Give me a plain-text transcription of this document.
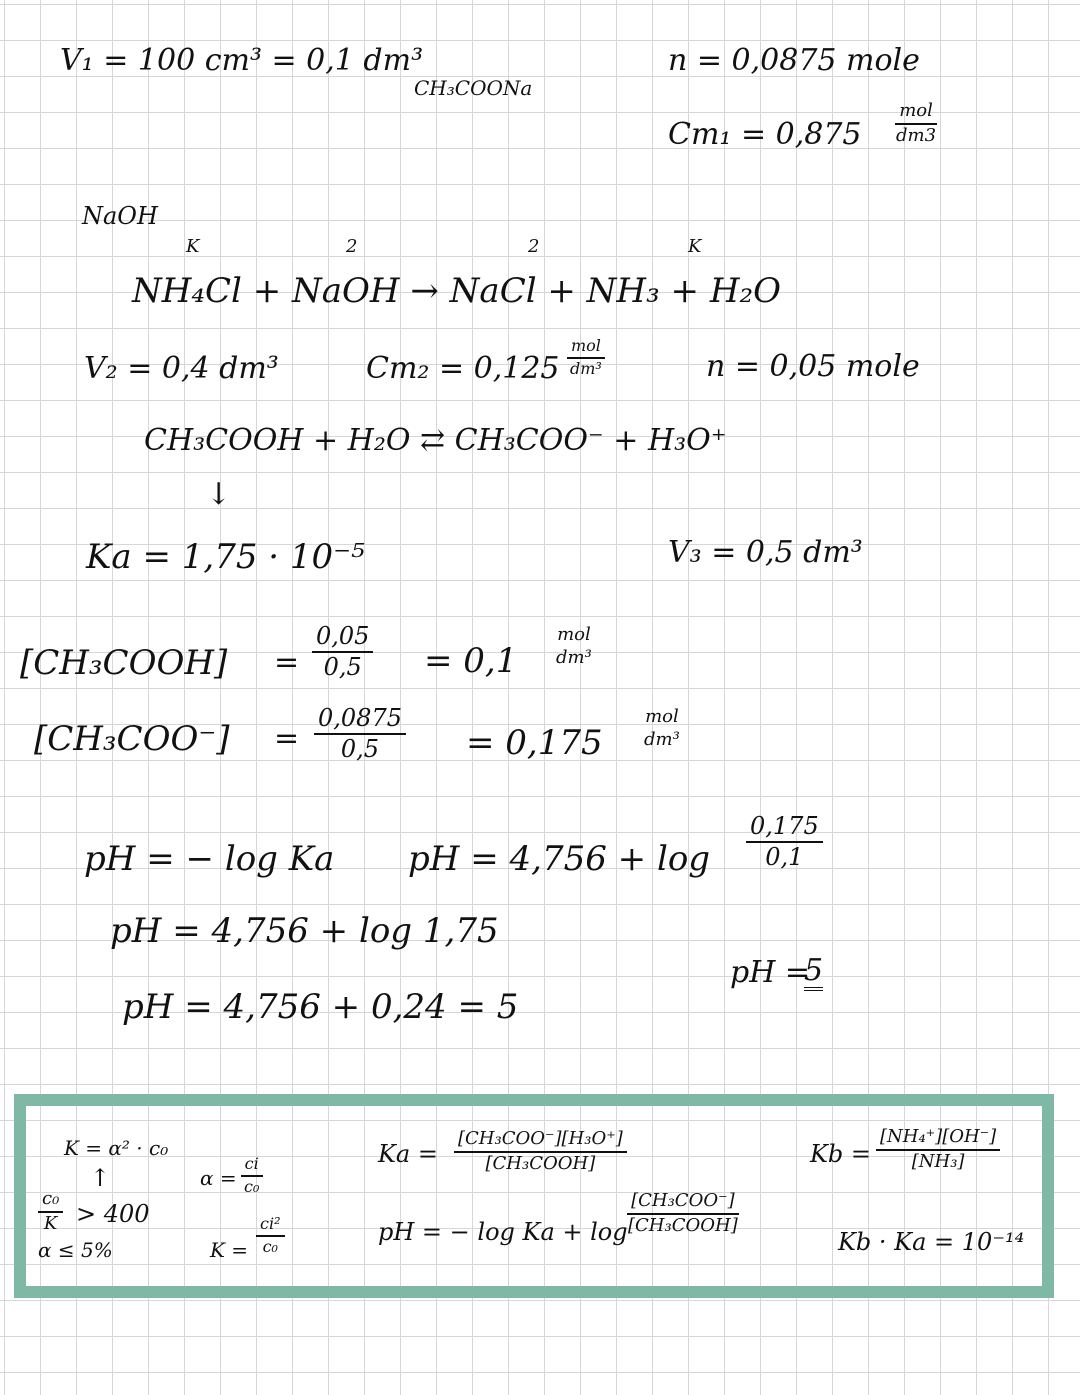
V₁ = 100 cm³ = 0,1 dm³
CH₃COONa
n = 0,0875 mole
Cm₁ = 0,875
mol
dm3
NaOH
K	2	2	K
NH₄Cl + NaOH → NaCl + NH₃ + H₂O
V₂ = 0,4 dm³	Cm₂ = 0,125
mol
dm³	n = 0,05 mole
CH₃COOH + H₂O ⇄ CH₃COO⁻ + H₃O⁺
↓
Ka = 1,75 · 10⁻⁵	V₃ = 0,5 dm³
[CH₃COOH] = $\frac{0,05}{0,5} = 0,1$
mol
dm³
$[CH_3COO^-] = \frac{0,0875}{0,5} = 0,175$
mol
dm³
pH = − log Ka pH = $4,756 + \log \frac{0,175}{0,1}$
pH = 4,756 + log 1,75
pH = 4,756 + 0,24 = 5
pH =
5
K = α² · c₀
↑
$\frac{\text{c₀}}{K} > 400$
α ≤ 5%
$\alpha = \frac{ci}{\text{c₀}}$
$K = \frac{\text{ci²}}{\text{c₀}}$
Ka =
[CH₃COO⁻][H₃O⁺]
[CH₃COOH]
pH = − log Ka + log
[CH₃COO⁻]
[CH₃COOH]
$Kb = \frac{\text{[NH₄⁺][OH⁻]}}{\text{[NH₃]}}$
Kb · Ka = 10⁻¹⁴
